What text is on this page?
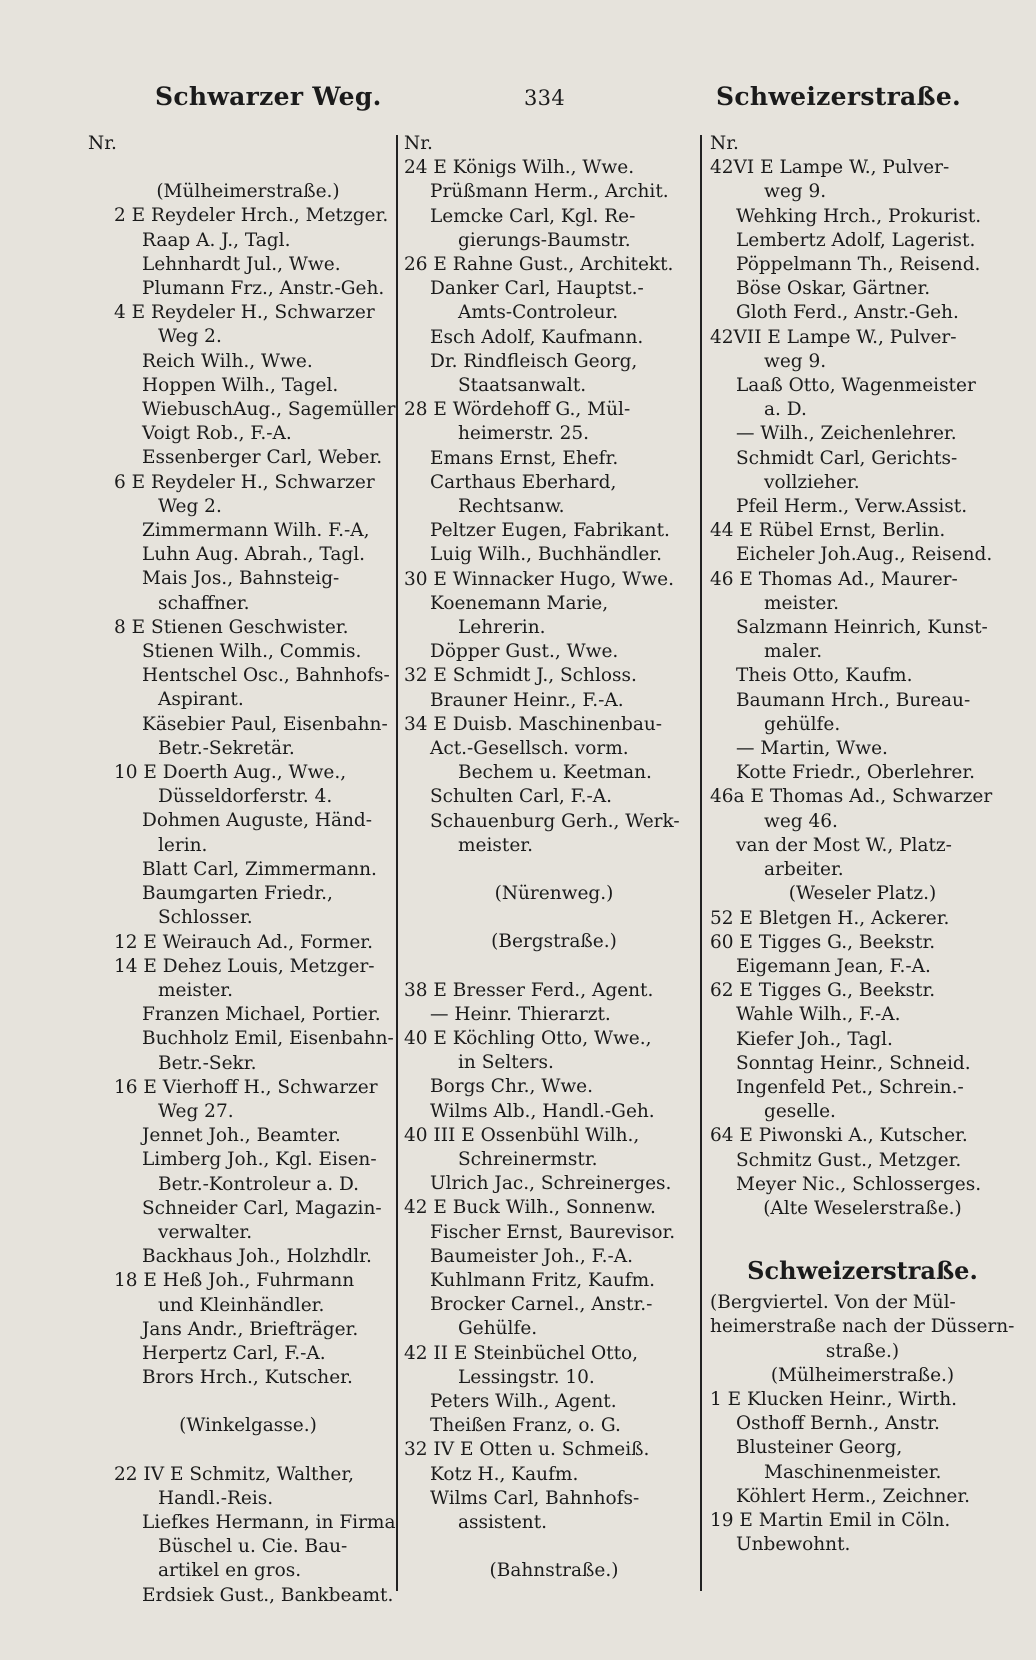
Schwarzer Weg.	334	Schweizerstraße.
Nr.
(Mülheimerstraße.)
2 E Reydeler Hrch., Metzger.
Raap A. J., Tagl.
Lehnhardt Jul., Wwe.
Plumann Frz., Anstr.-Geh.
4 E Reydeler H., Schwarzer
Weg 2.
Reich Wilh., Wwe.
Hoppen Wilh., Tagel.
WiebuschAug., Sagemüller
Voigt Rob., F.-A.
Essenberger Carl, Weber.
6 E Reydeler H., Schwarzer
Weg 2.
Zimmermann Wilh. F.-A,
Luhn Aug. Abrah., Tagl.
Mais Jos., Bahnsteig-
schaffner.
8 E Stienen Geschwister.
Stienen Wilh., Commis.
Hentschel Osc., Bahnhofs-
Aspirant.
Käsebier Paul, Eisenbahn-
Betr.-Sekretär.
10 E Doerth Aug., Wwe.,
Düsseldorferstr. 4.
Dohmen Auguste, Händ-
lerin.
Blatt Carl, Zimmermann.
Baumgarten Friedr.,
Schlosser.
12 E Weirauch Ad., Former.
14 E Dehez Louis, Metzger-
meister.
Franzen Michael, Portier.
Buchholz Emil, Eisenbahn-
Betr.-Sekr.
16 E Vierhoff H., Schwarzer
Weg 27.
Jennet Joh., Beamter.
Limberg Joh., Kgl. Eisen-
Betr.-Kontroleur a. D.
Schneider Carl, Magazin-
verwalter.
Backhaus Joh., Holzhdlr.
18 E Heß Joh., Fuhrmann
und Kleinhändler.
Jans Andr., Briefträger.
Herpertz Carl, F.-A.
Brors Hrch., Kutscher.
(Winkelgasse.)
22 IV E Schmitz, Walther,
Handl.-Reis.
Liefkes Hermann, in Firma
Büschel u. Cie. Bau-
artikel en gros.
Erdsiek Gust., Bankbeamt.
Nr.
24 E Königs Wilh., Wwe.
Prüßmann Herm., Archit.
Lemcke Carl, Kgl. Re-
gierungs-Baumstr.
26 E Rahne Gust., Architekt.
Danker Carl, Hauptst.-
Amts-Controleur.
Esch Adolf, Kaufmann.
Dr. Rindfleisch Georg,
Staatsanwalt.
28 E Wördehoff G., Mül-
heimerstr. 25.
Emans Ernst, Ehefr.
Carthaus Eberhard,
Rechtsanw.
Peltzer Eugen, Fabrikant.
Luig Wilh., Buchhändler.
30 E Winnacker Hugo, Wwe.
Koenemann Marie,
Lehrerin.
Döpper Gust., Wwe.
32 E Schmidt J., Schloss.
Brauner Heinr., F.-A.
34 E Duisb. Maschinenbau-
Act.-Gesellsch. vorm.
Bechem u. Keetman.
Schulten Carl, F.-A.
Schauenburg Gerh., Werk-
meister.
(Nürenweg.)
(Bergstraße.)
38 E Bresser Ferd., Agent.
— Heinr. Thierarzt.
40 E Köchling Otto, Wwe.,
in Selters.
Borgs Chr., Wwe.
Wilms Alb., Handl.-Geh.
40 III E Ossenbühl Wilh.,
Schreinermstr.
Ulrich Jac., Schreinerges.
42 E Buck Wilh., Sonnenw.
Fischer Ernst, Baurevisor.
Baumeister Joh., F.-A.
Kuhlmann Fritz, Kaufm.
Brocker Carnel., Anstr.-
Gehülfe.
42 II E Steinbüchel Otto,
Lessingstr. 10.
Peters Wilh., Agent.
Theißen Franz, o. G.
32 IV E Otten u. Schmeiß.
Kotz H., Kaufm.
Wilms Carl, Bahnhofs-
assistent.
(Bahnstraße.)
Nr.
42VI E Lampe W., Pulver-
weg 9.
Wehking Hrch., Prokurist.
Lembertz Adolf, Lagerist.
Pöppelmann Th., Reisend.
Böse Oskar, Gärtner.
Gloth Ferd., Anstr.-Geh.
42VII E Lampe W., Pulver-
weg 9.
Laaß Otto, Wagenmeister
a. D.
— Wilh., Zeichenlehrer.
Schmidt Carl, Gerichts-
vollzieher.
Pfeil Herm., Verw.Assist.
44 E Rübel Ernst, Berlin.
Eicheler Joh.Aug., Reisend.
46 E Thomas Ad., Maurer-
meister.
Salzmann Heinrich, Kunst-
maler.
Theis Otto, Kaufm.
Baumann Hrch., Bureau-
gehülfe.
— Martin, Wwe.
Kotte Friedr., Oberlehrer.
46a E Thomas Ad., Schwarzer
weg 46.
van der Most W., Platz-
arbeiter.
(Weseler Platz.)
52 E Bletgen H., Ackerer.
60 E Tigges G., Beekstr.
Eigemann Jean, F.-A.
62 E Tigges G., Beekstr.
Wahle Wilh., F.-A.
Kiefer Joh., Tagl.
Sonntag Heinr., Schneid.
Ingenfeld Pet., Schrein.-
geselle.
64 E Piwonski A., Kutscher.
Schmitz Gust., Metzger.
Meyer Nic., Schlosserges.
(Alte Weselerstraße.)
Schweizerstraße.
(Bergviertel. Von der Mül-
heimerstraße nach der Düssern-
straße.)
(Mülheimerstraße.)
1 E Klucken Heinr., Wirth.
Osthoff Bernh., Anstr.
Blusteiner Georg,
Maschinenmeister.
Köhlert Herm., Zeichner.
19 E Martin Emil in Cöln.
Unbewohnt.
